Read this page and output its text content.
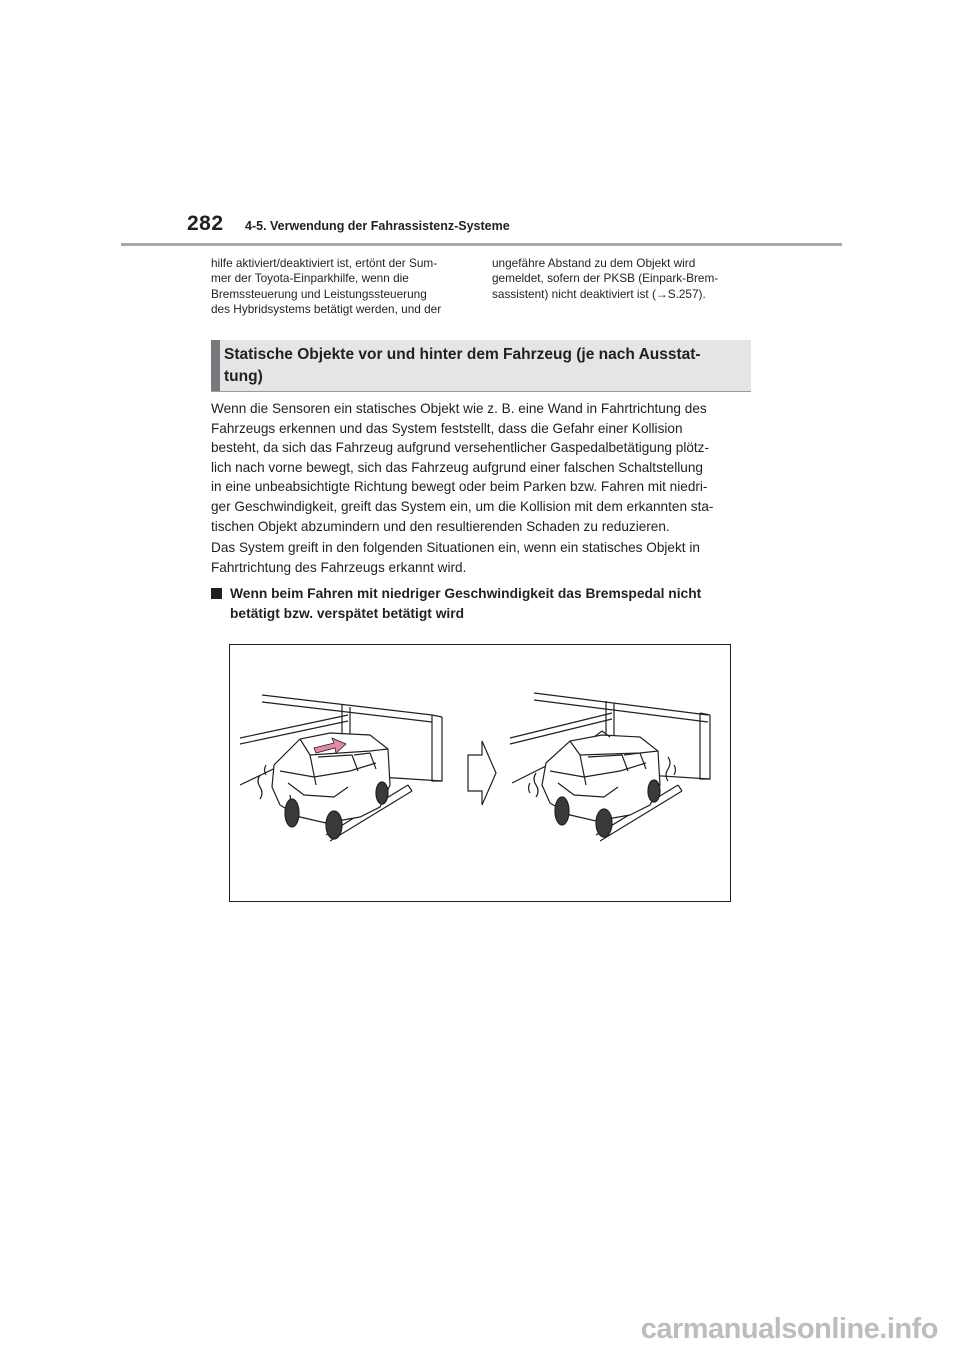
282 4-5. Verwendung der Fahrassistenz-Systeme
hilfe aktiviert/deaktiviert ist, ertönt der Sum-
mer der Toyota-Einparkhilfe, wenn die
Bremssteuerung und Leistungssteuerung
des Hybridsystems betätigt werden, und der
ungefähre Abstand zu dem Objekt wird
gemeldet, sofern der PKSB (Einpark-Brem-
sassistent) nicht deaktiviert ist (→S.257).
Statische Objekte vor und hinter dem Fahrzeug (je nach Ausstat-
tung)
Wenn die Sensoren ein statisches Objekt wie z. B. eine Wand in Fahrtrichtung des
Fahrzeugs erkennen und das System feststellt, dass die Gefahr einer Kollision
besteht, da sich das Fahrzeug aufgrund versehentlicher Gaspedalbetätigung plötz-
lich nach vorne bewegt, sich das Fahrzeug aufgrund einer falschen Schaltstellung
in eine unbeabsichtigte Richtung bewegt oder beim Parken bzw. Fahren mit niedri-
ger Geschwindigkeit, greift das System ein, um die Kollision mit dem erkannten sta-
tischen Objekt abzumindern und den resultierenden Schaden zu reduzieren.
Das System greift in den folgenden Situationen ein, wenn ein statisches Objekt in
Fahrtrichtung des Fahrzeugs erkannt wird.
Wenn beim Fahren mit niedriger Geschwindigkeit das Bremspedal nicht
betätigt bzw. verspätet betätigt wird
carmanualsonline.info
